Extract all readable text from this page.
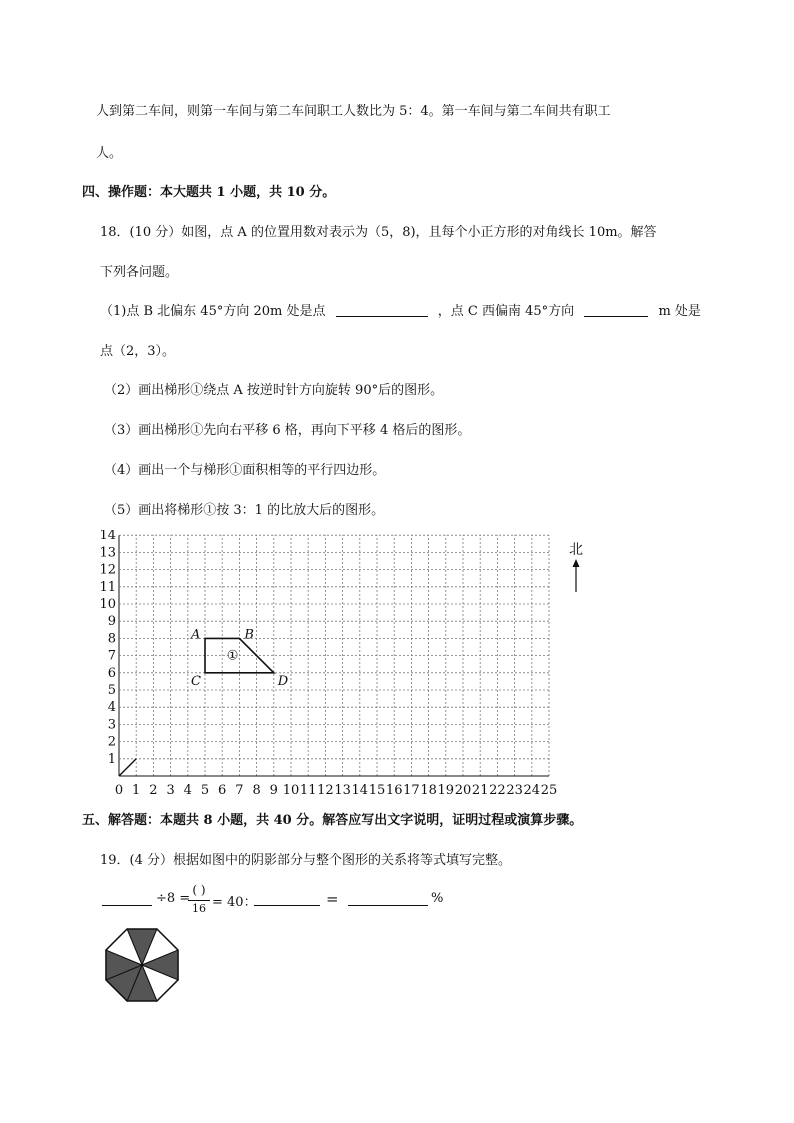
人到第二车间，则第一车间与第二车间职工人数比为 5：4。第一车间与第二车间共有职工
人。
四、操作题：本大题共 1 小题，共 10 分。
18．(10 分）如图，点 A 的位置用数对表示为（5，8)，且每个小正方形的对角线长 10m。解答
下列各问题。
（1)点 B 北偏东 45°方向 20m 处是点	，点 C 西偏南 45°方向	m 处是
点（2，3）。
（2）画出梯形①绕点 A 按逆时针方向旋转 90°后的图形。
（3）画出梯形①先向右平移 6 格，再向下平移 4 格后的图形。
（4）画出一个与梯形①面积相等的平行四边形。
（5）画出将梯形①按 3：1 的比放大后的图形。
0 1 2 3 4 5 6 7 8 9 10 11 12 13 14 15 16 17 18 19 20 21 22 23 24 25
1
2
3
4
5
6
7
8
9
10
11
12
13
14
A	B
C	D
①
北
五、解答题：本题共 8 小题，共 40 分。解答应写出文字说明，证明过程或演算步骤。
19．(4 分）根据如图中的阴影部分与整个图形的关系将等式填写完整。
÷8 =
( )
16 = 40：	=	%
